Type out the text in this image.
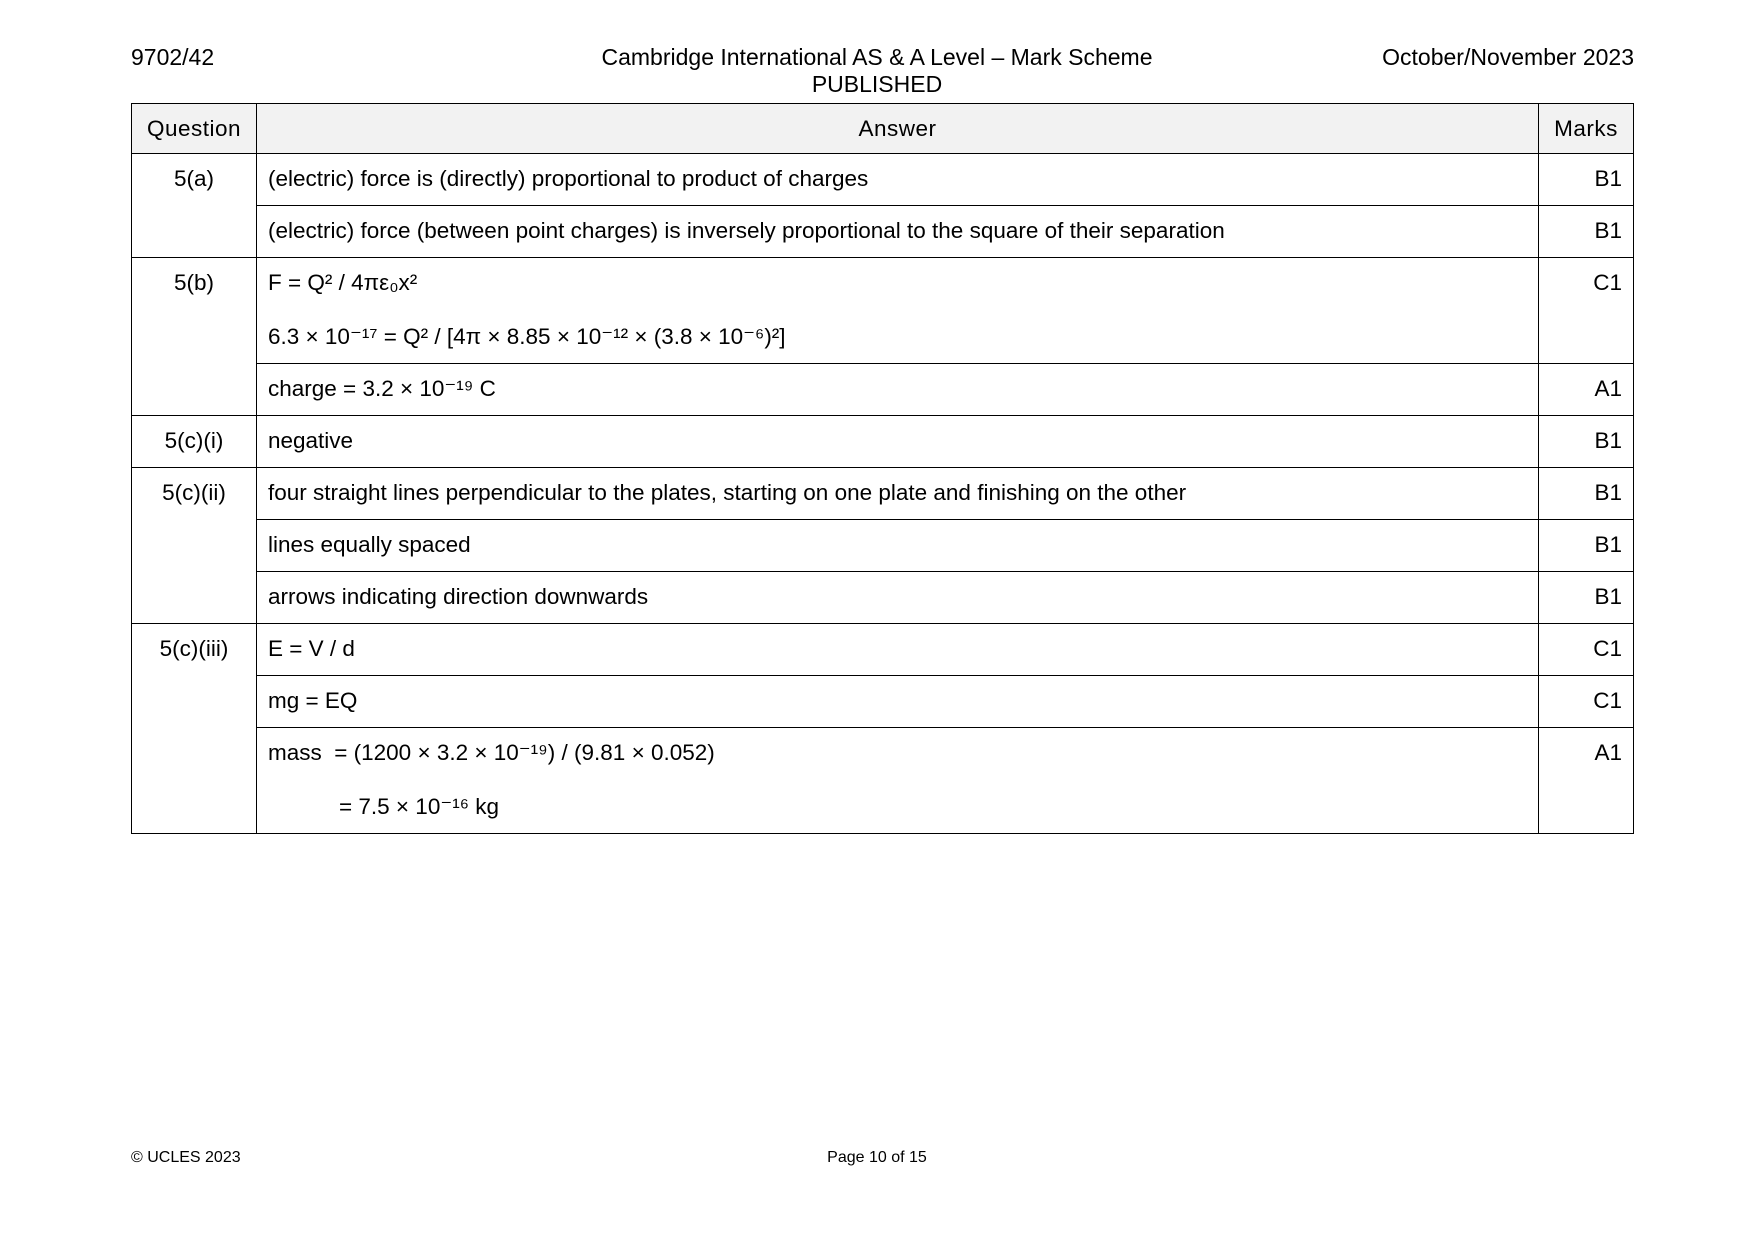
9702/42	Cambridge International AS & A Level – Mark Scheme
PUBLISHED
October/November 2023
Question	Answer	Marks
5(a)	(electric) force is (directly) proportional to product of charges	B1
	(electric) force (between point charges) is inversely proportional to the square of their separation	B1
5(b)	F = Q² / 4πε₀x²
6.3 × 10⁻¹⁷ = Q² / [4π × 8.85 × 10⁻¹² × (3.8 × 10⁻⁶)²]	C1
	charge = 3.2 × 10⁻¹⁹ C	A1
5(c)(i)	negative	B1
5(c)(ii)	four straight lines perpendicular to the plates, starting on one plate and finishing on the other	B1
	lines equally spaced	B1
	arrows indicating direction downwards	B1
5(c)(iii)	E = V / d	C1
	mg = EQ	C1

	mass  = (1200 × 3.2 × 10⁻¹⁹) / (9.81 × 0.052)
= 7.5 × 10⁻¹⁶ kg	A1
© UCLES 2023	Page 10 of 15
